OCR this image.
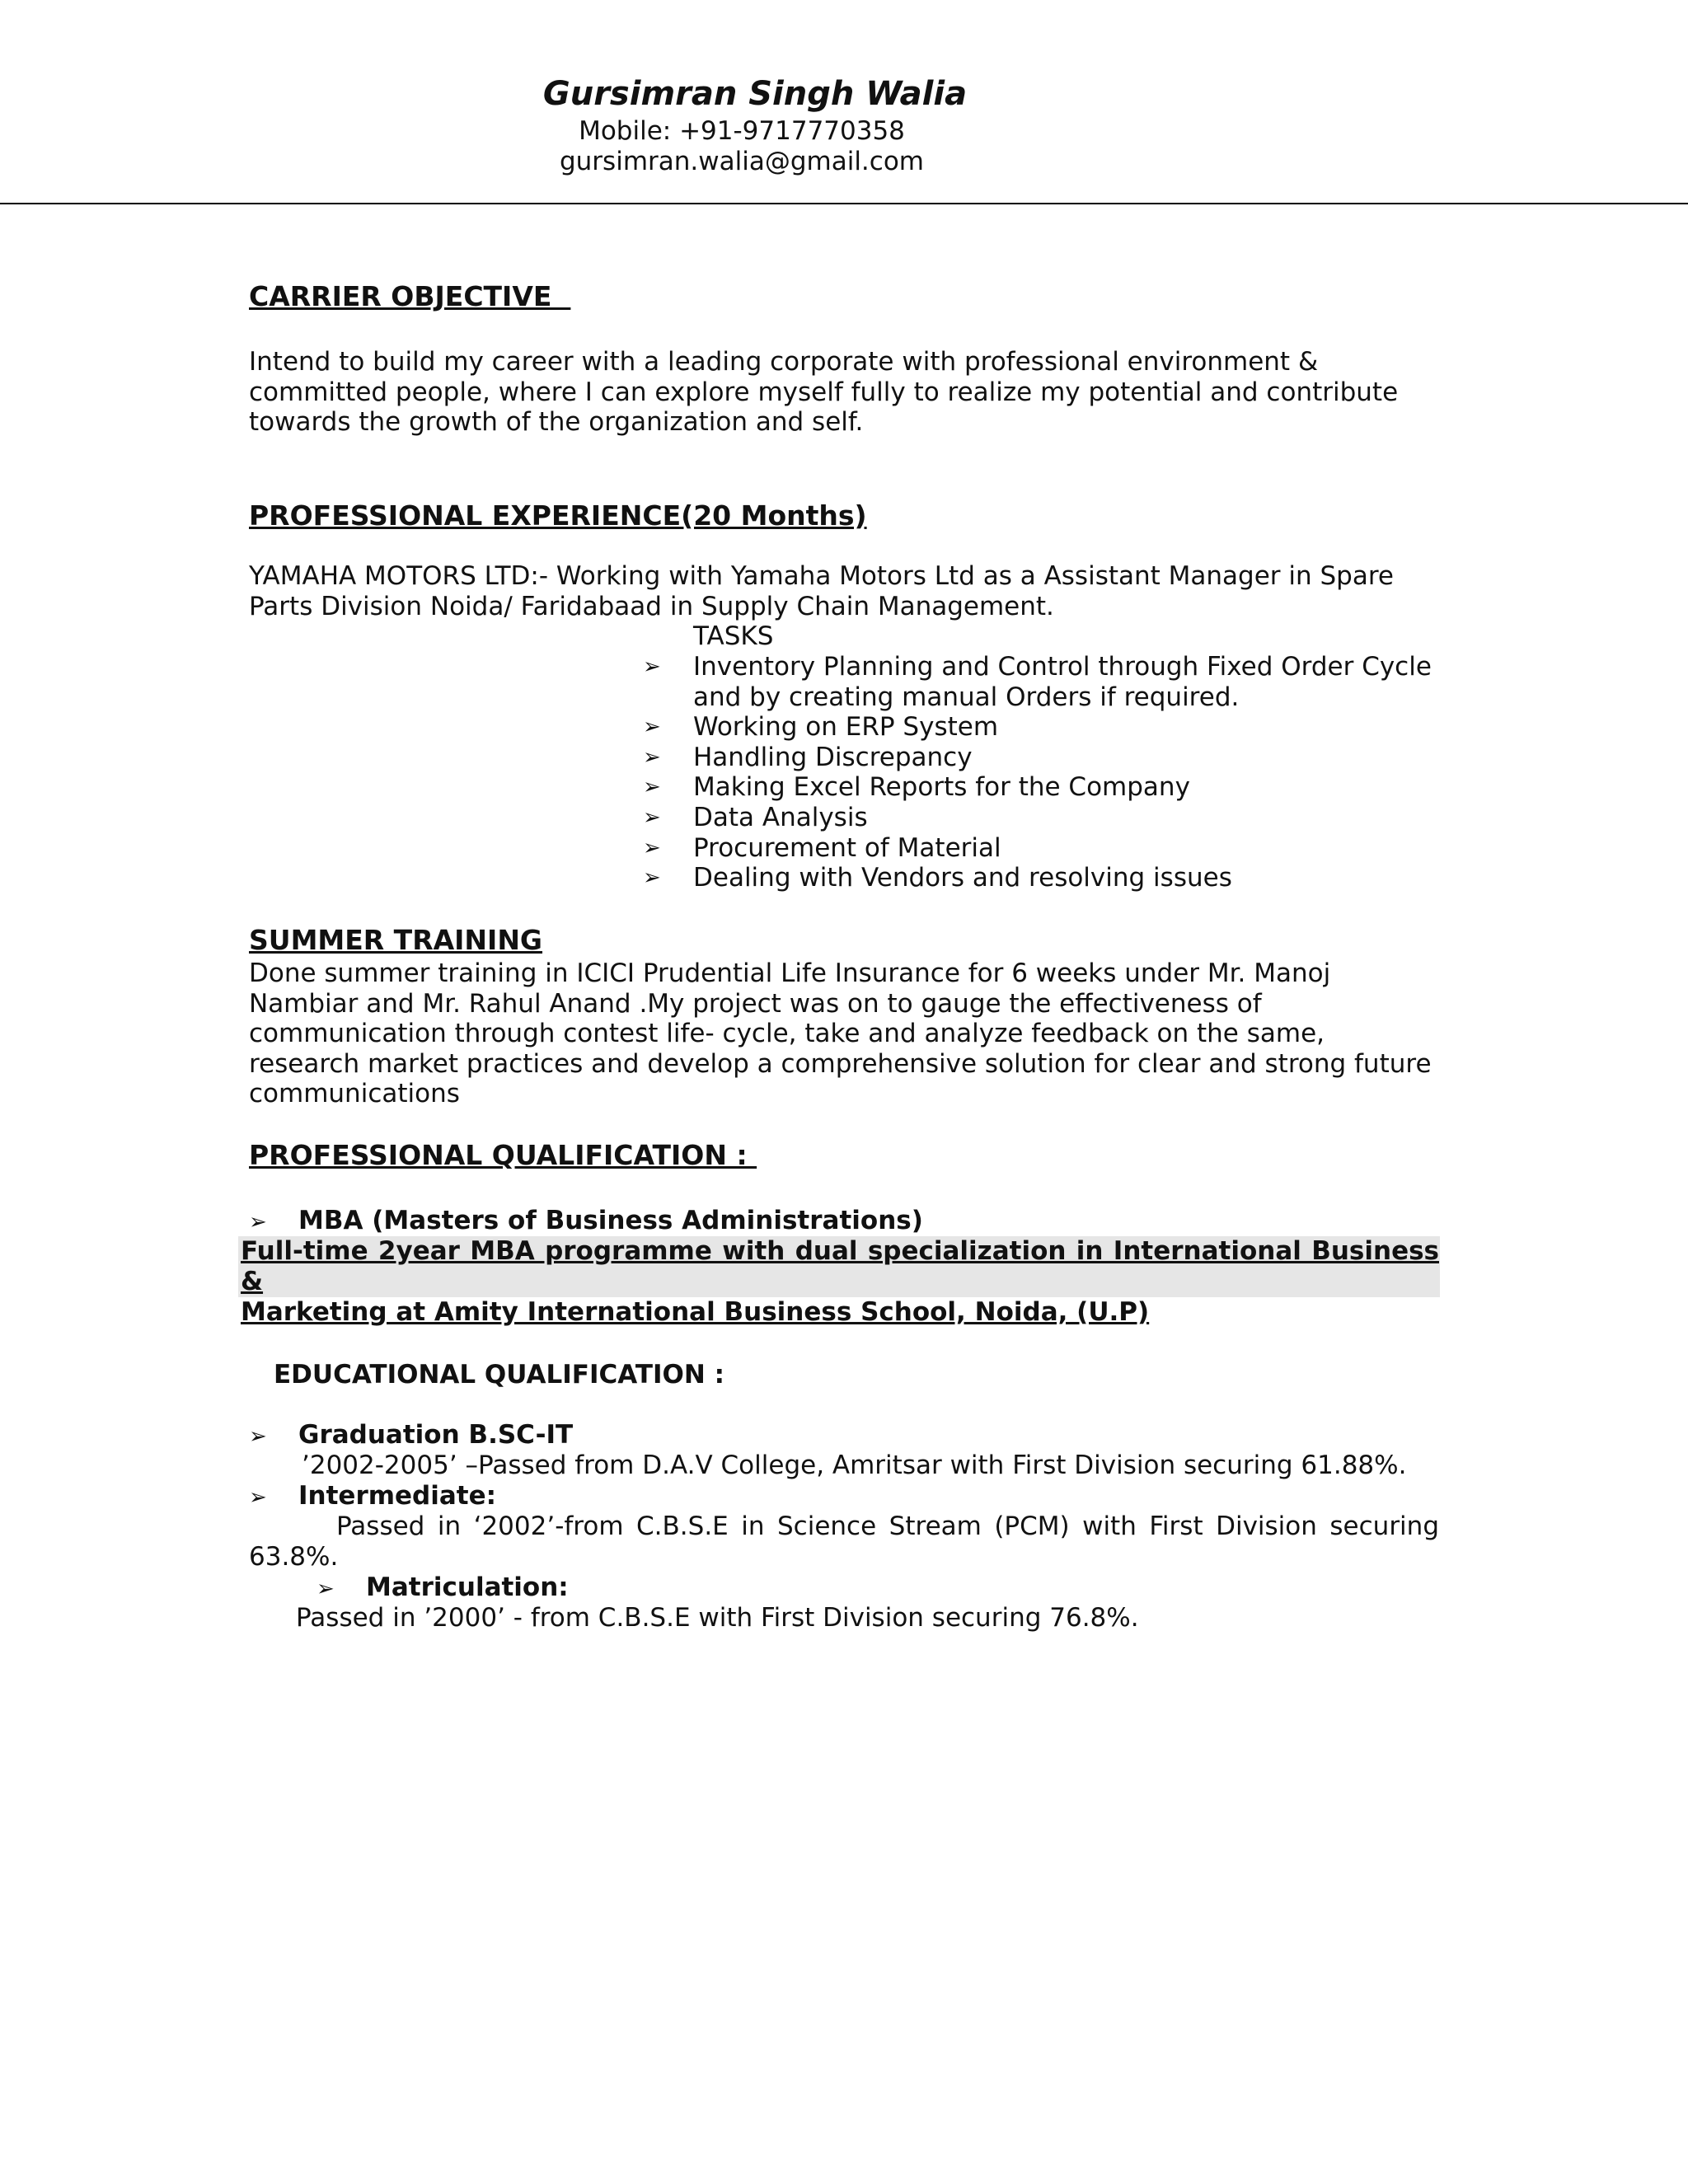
Gursimran Singh Walia

Mobile: +91-9717770358

gursimran.walia@gmail.com

CARRIER OBJECTIVE

Intend to build my career with a leading corporate with professional environment & committed people, where I can explore myself fully to realize my potential and contribute towards the growth of the organization and self.

PROFESSIONAL EXPERIENCE(20 Months)

YAMAHA MOTORS LTD:- Working with Yamaha Motors Ltd as a Assistant Manager in Spare Parts Division Noida/ Faridabaad in Supply Chain Management.

TASKS

➢ Inventory Planning and Control through Fixed Order Cycle and by creating manual Orders if required.
➢ Working on ERP System
➢ Handling Discrepancy
➢ Making Excel Reports for the Company
➢ Data Analysis
➢ Procurement of Material
➢ Dealing with Vendors and resolving issues
SUMMER TRAINING

Done summer training in ICICI Prudential Life Insurance for 6 weeks under Mr. Manoj Nambiar and Mr. Rahul Anand .My project was on to gauge the effectiveness of communication through contest life- cycle, take and analyze feedback on the same, research market practices and develop a comprehensive solution for clear and strong future communications

PROFESSIONAL QUALIFICATION :

➢ MBA (Masters of Business Administrations)

Full-time 2year MBA programme with dual specialization in International Business &
Marketing at Amity International Business School, Noida, (U.P)

EDUCATIONAL QUALIFICATION :

➢ Graduation B.SC-IT

’2002-2005’ –Passed from D.A.V College, Amritsar with First Division securing 61.88%.

➢ Intermediate:

Passed in ‘2002’-from C.B.S.E in Science Stream (PCM) with First Division securing

63.8%.

➢ Matriculation:

Passed in ’2000’ - from C.B.S.E with First Division securing 76.8%.
